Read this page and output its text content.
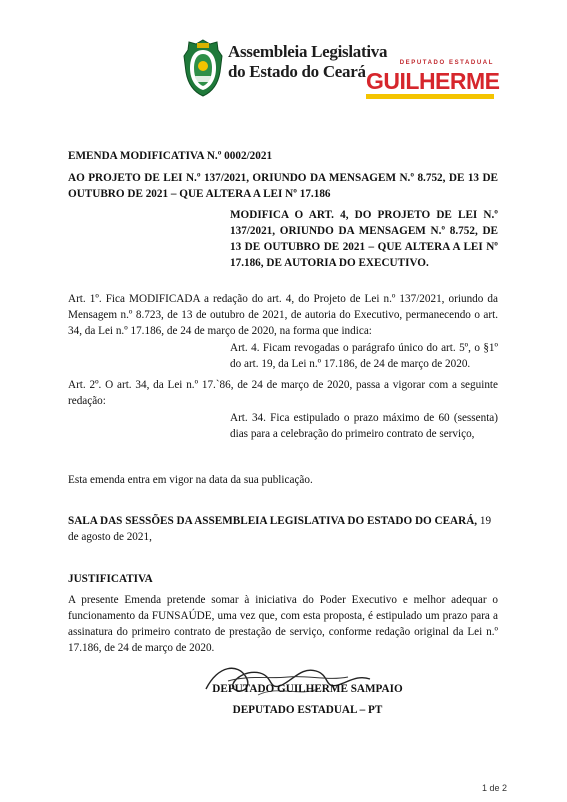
Assembleia Legislativa
do Estado do Ceará	DEPUTADO ESTADUAL
GUILHERME
EMENDA MODIFICATIVA N.º 0002/2021
AO PROJETO DE LEI N.º 137/2021, ORIUNDO DA MENSAGEM N.º 8.752, DE 13 DE OUTUBRO DE 2021 – QUE ALTERA A LEI Nº 17.186
MODIFICA O ART. 4, DO PROJETO DE LEI N.º 137/2021, ORIUNDO DA MENSAGEM N.º 8.752, DE 13 DE OUTUBRO DE 2021 – QUE ALTERA A LEI Nº 17.186, DE AUTORIA DO EXECUTIVO.
Art. 1º. Fica MODIFICADA a redação do art. 4, do Projeto de Lei n.º 137/2021, oriundo da Mensagem n.º 8.723, de 13 de outubro de 2021, de autoria do Executivo, permanecendo o art. 34, da Lei n.º 17.186, de 24 de março de 2020, na forma que indica:
Art. 4. Ficam revogadas o parágrafo único do art. 5º, o §1º do art. 19, da Lei n.º 17.186, de 24 de março de 2020.
Art. 2º. O art. 34, da Lei n.º 17.`86, de 24 de março de 2020, passa a vigorar com a seguinte redação:
Art. 34. Fica estipulado o prazo máximo de 60 (sessenta) dias para a celebração do primeiro contrato de serviço,
Esta emenda entra em vigor na data da sua publicação.
SALA DAS SESSÕES DA ASSEMBLEIA LEGISLATIVA DO ESTADO DO CEARÁ, 19 de agosto de 2021,
JUSTIFICATIVA
A presente Emenda pretende somar à iniciativa do Poder Executivo e melhor adequar o funcionamento da FUNSAÚDE, uma vez que, com esta proposta, é estipulado um prazo para a assinatura do primeiro contrato de prestação de serviço, conforme redação original da Lei n.º 17.186, de 24 de março de 2020.
DEPUTADO GUILHERME SAMPAIO
DEPUTADO ESTADUAL – PT
1 de 2
